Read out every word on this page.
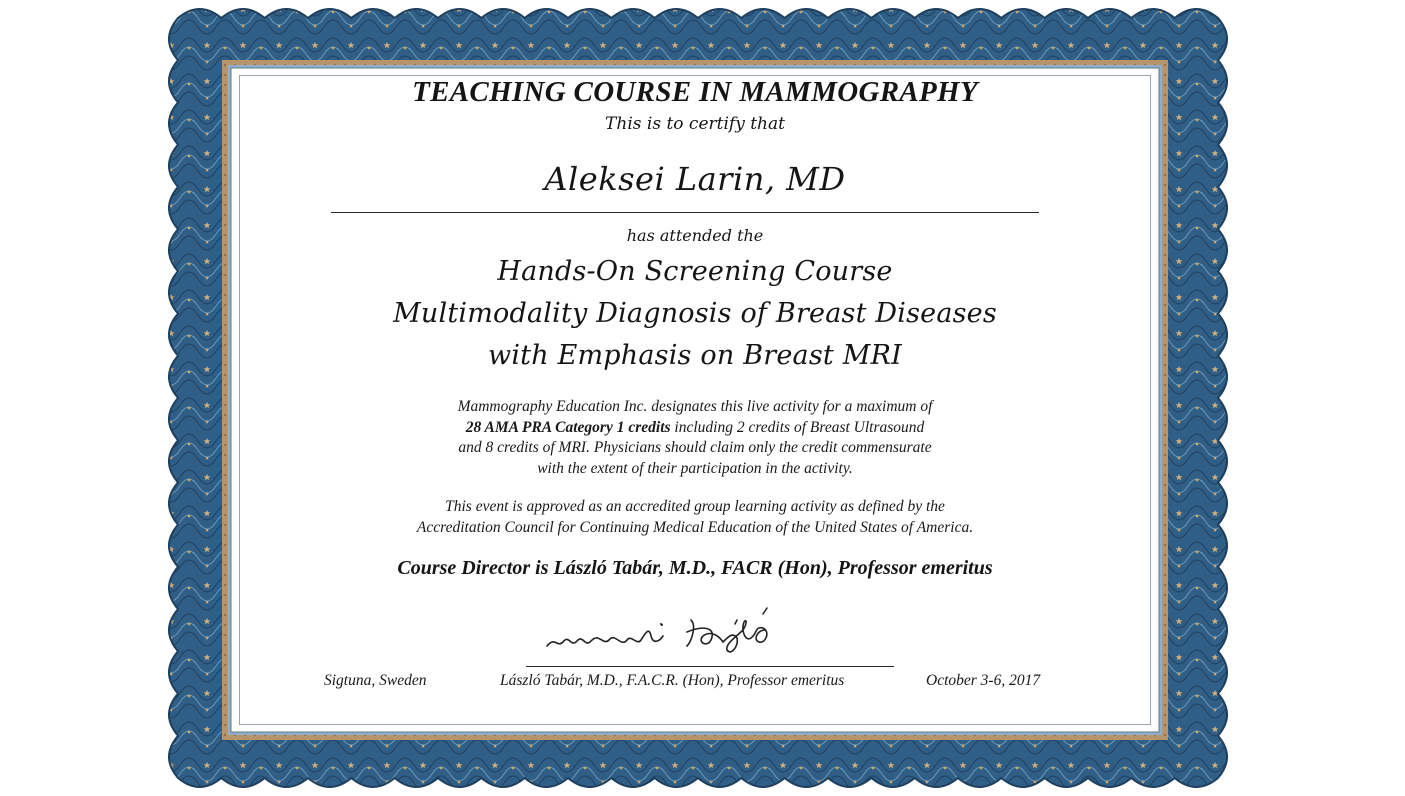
TEACHING COURSE IN MAMMOGRAPHY
This is to certify that
Aleksei Larin, MD
has attended the
Hands-On Screening Course
Multimodality Diagnosis of Breast Diseases
with Emphasis on Breast MRI
Mammography Education Inc. designates this live activity for a maximum of
28 AMA PRA Category 1 credits including 2 credits of Breast Ultrasound
and 8 credits of MRI. Physicians should claim only the credit commensurate
with the extent of their participation in the activity.
This event is approved as an accredited group learning activity as defined by the
Accreditation Council for Continuing Medical Education of the United States of America.
Course Director is László Tabár, M.D., FACR (Hon), Professor emeritus
Sigtuna, Sweden	László Tabár, M.D., F.A.C.R. (Hon), Professor emeritus	October 3-6, 2017
